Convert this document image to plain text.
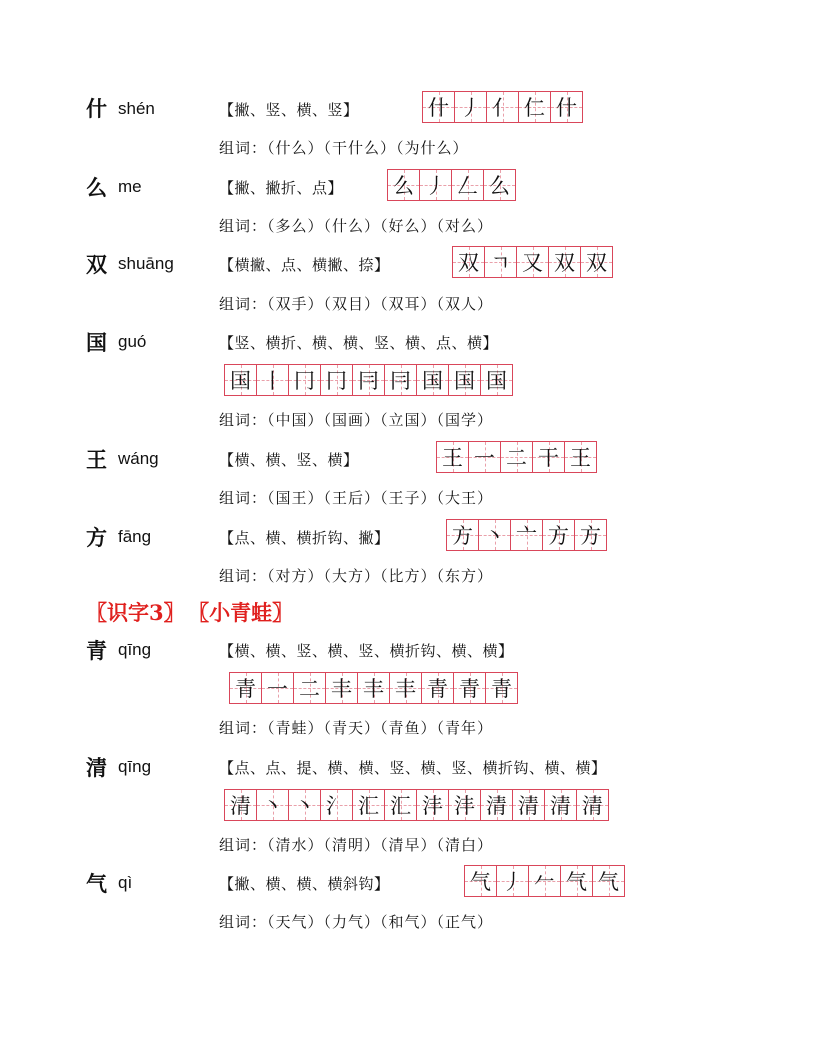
什 shén	【撇、竖、横、竖】	什 丿 亻 仁 什
组词：（什么）（干什么）（为什么）
么 me	【撇、撇折、点】 么 丿 𠃋 么
组词：（多么）（什么）（好么）（对么）
双 shuāng	【横撇、点、横撇、捺】	双 ㄱ 又 双 双
组词：（双手）（双目）（双耳）（双人）
国 guó	【竖、横折、横、横、竖、横、点、横】
国 丨 冂 冂 冃 冃 国 国 国
组词：（中国）（国画）（立国）（国学）
王 wáng	【横、横、竖、横】	王 一 二 干 王
组词：（国王）（王后）（王子）（大王）
方 fāng	【点、横、横折钩、撇】	方 丶 亠 方 方
组词：（对方）（大方）（比方）（东方）
〖识字3〗 〖小青蛙〗
青 qīng	【横、横、竖、横、竖、横折钩、横、横】
青 一 二 丰 丰 丰 青 青 青
组词：（青蛙）（青天）（青鱼）（青年）
清 qīng	【点、点、提、横、横、竖、横、竖、横折钩、横、横】
清 丶 丶 氵 汇 汇 沣 沣 清 清 清 清
组词：（清水）（清明）（清早）（清白）
气 qì	【撇、横、横、横斜钩】	气 丿 𠂉 气 气
组词：（天气）（力气）（和气）（正气）
